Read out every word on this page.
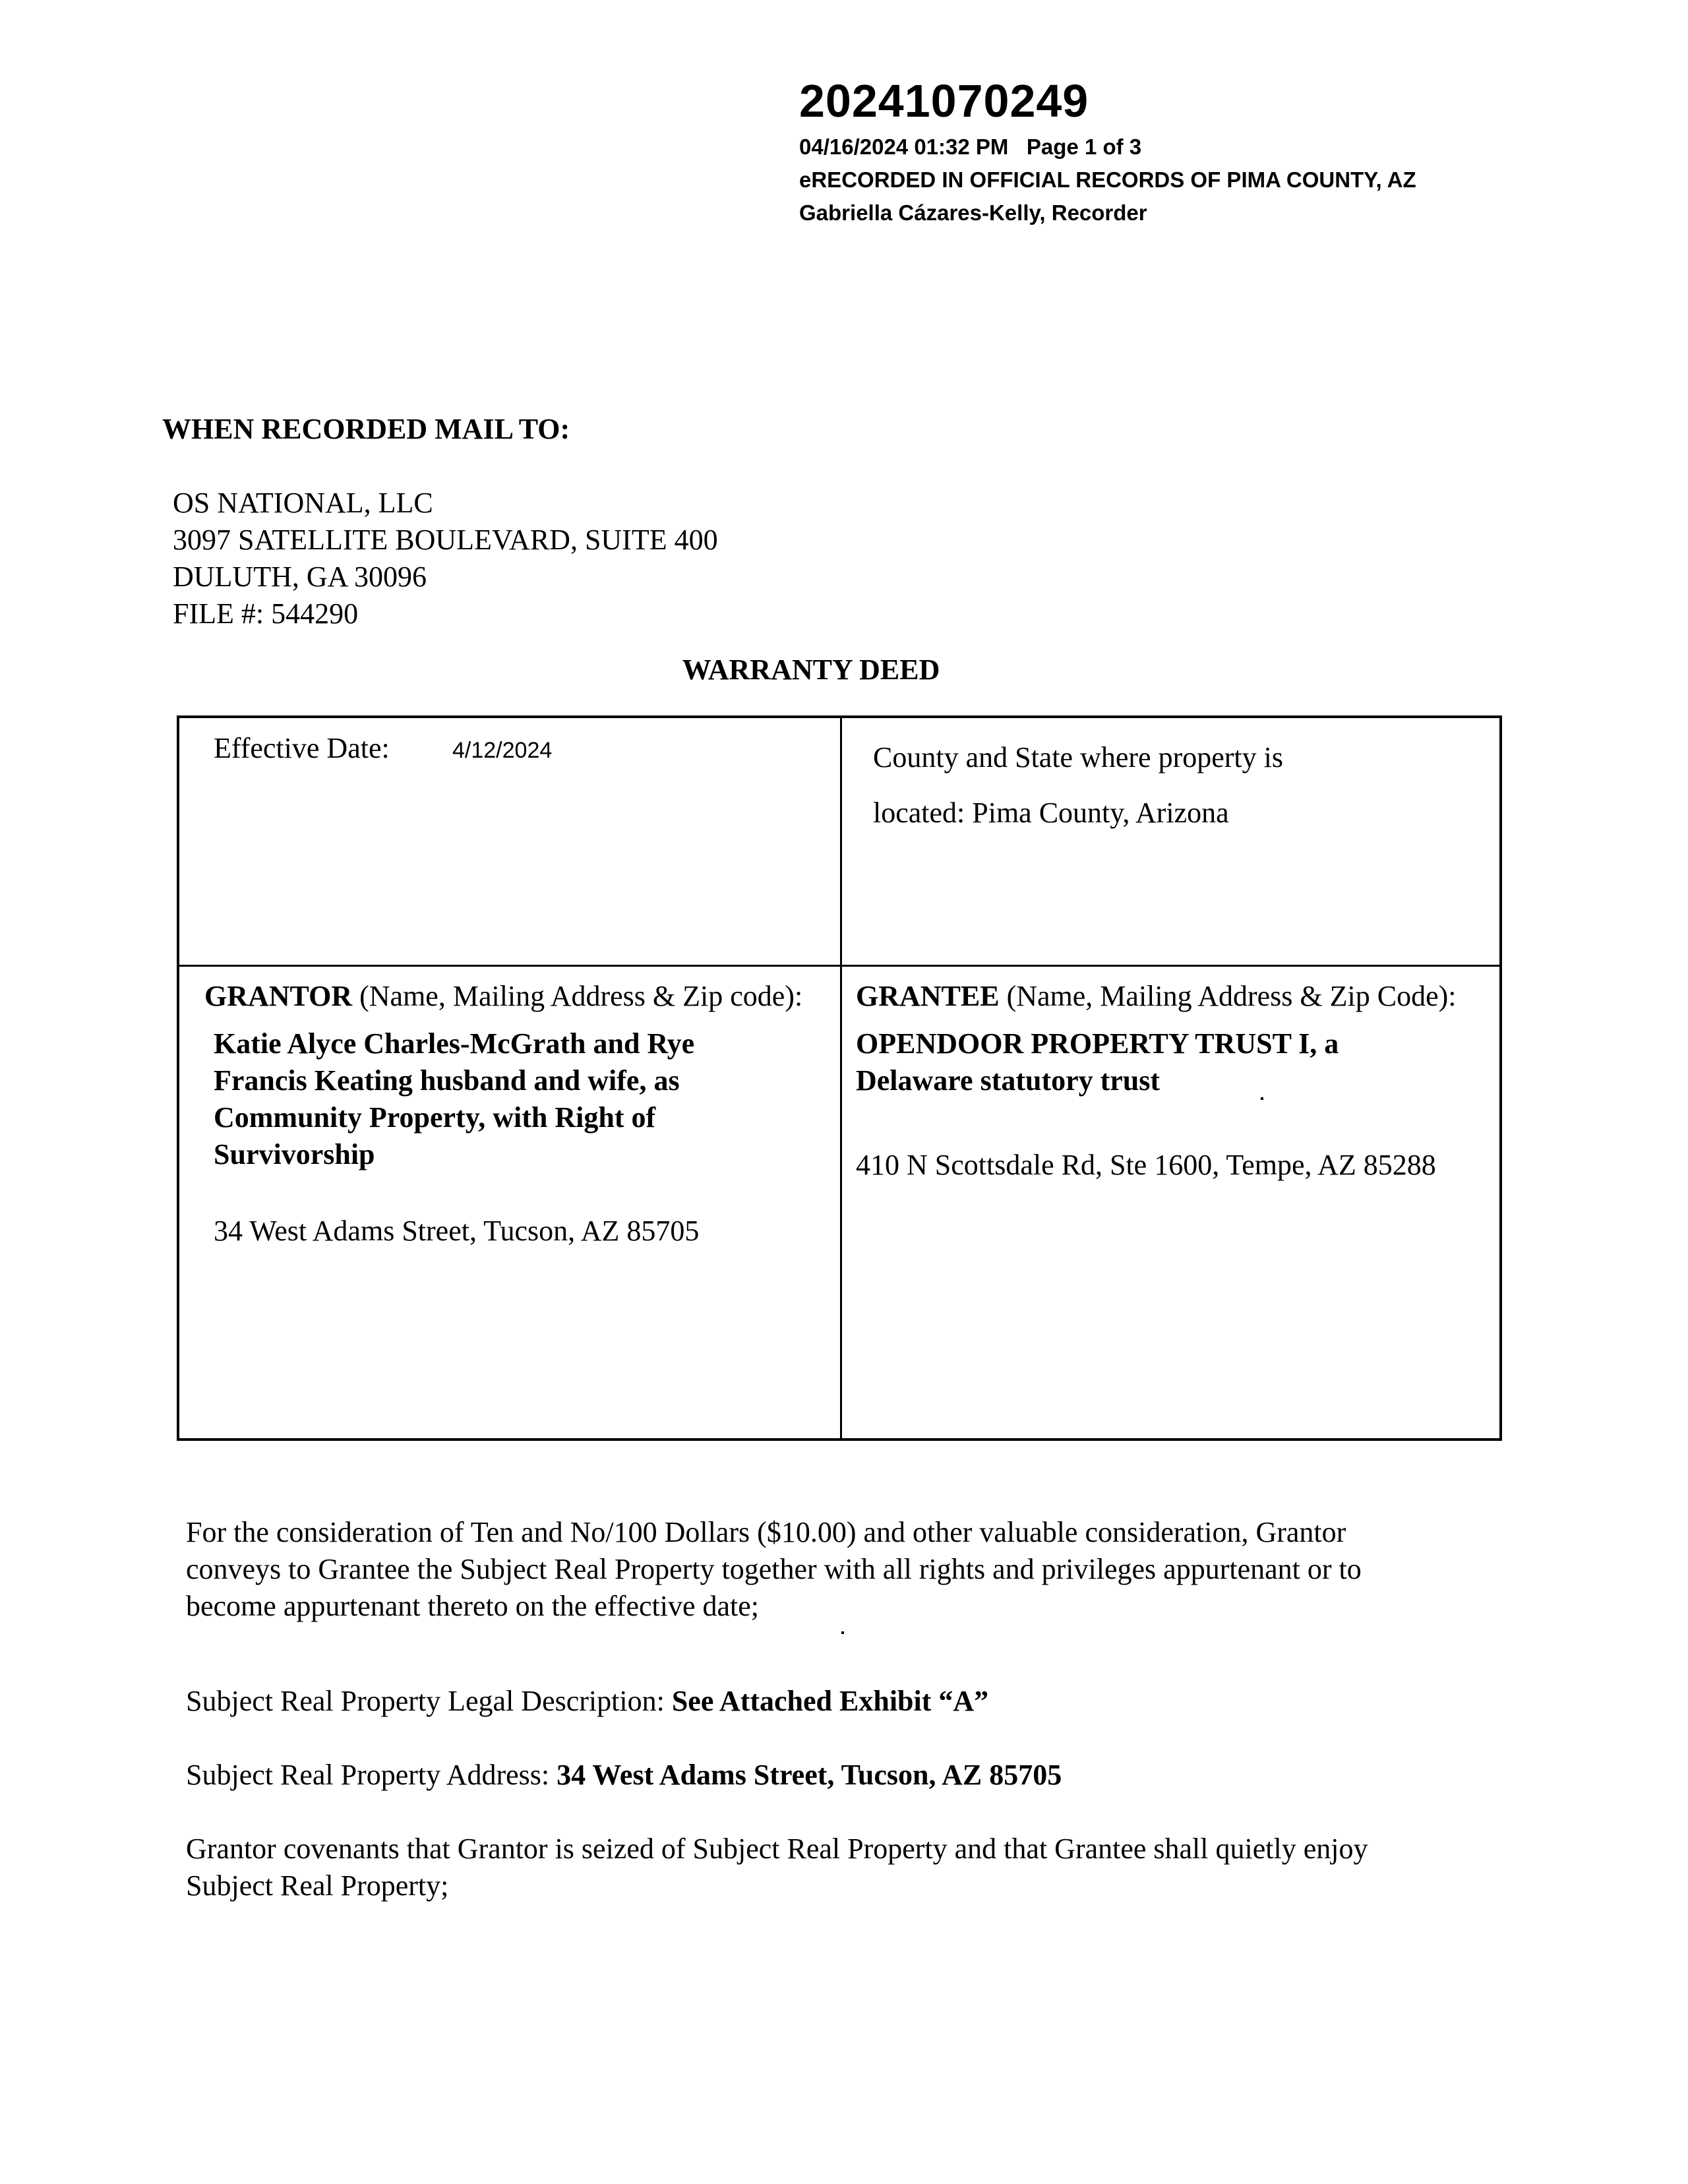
20241070249
04/16/2024 01:32 PM Page 1 of 3
eRECORDED IN OFFICIAL RECORDS OF PIMA COUNTY, AZ
Gabriella Cázares-Kelly, Recorder
WHEN RECORDED MAIL TO:
OS NATIONAL, LLC
3097 SATELLITE BOULEVARD, SUITE 400
DULUTH, GA 30096
FILE #: 544290
WARRANTY DEED
Effective Date:	4/12/2024	County and State where property is
located: Pima County, Arizona
GRANTOR (Name, Mailing Address & Zip code):
Katie Alyce Charles-McGrath and Rye
Francis Keating husband and wife, as
Community Property, with Right of
Survivorship
34 West Adams Street, Tucson, AZ 85705
GRANTEE (Name, Mailing Address & Zip Code):
OPENDOOR PROPERTY TRUST I, a
Delaware statutory trust
410 N Scottsdale Rd, Ste 1600, Tempe, AZ 85288
For the consideration of Ten and No/100 Dollars ($10.00) and other valuable consideration, Grantor
conveys to Grantee the Subject Real Property together with all rights and privileges appurtenant or to
become appurtenant thereto on the effective date;
Subject Real Property Legal Description: See Attached Exhibit “A”
Subject Real Property Address: 34 West Adams Street, Tucson, AZ 85705
Grantor covenants that Grantor is seized of Subject Real Property and that Grantee shall quietly enjoy
Subject Real Property;
